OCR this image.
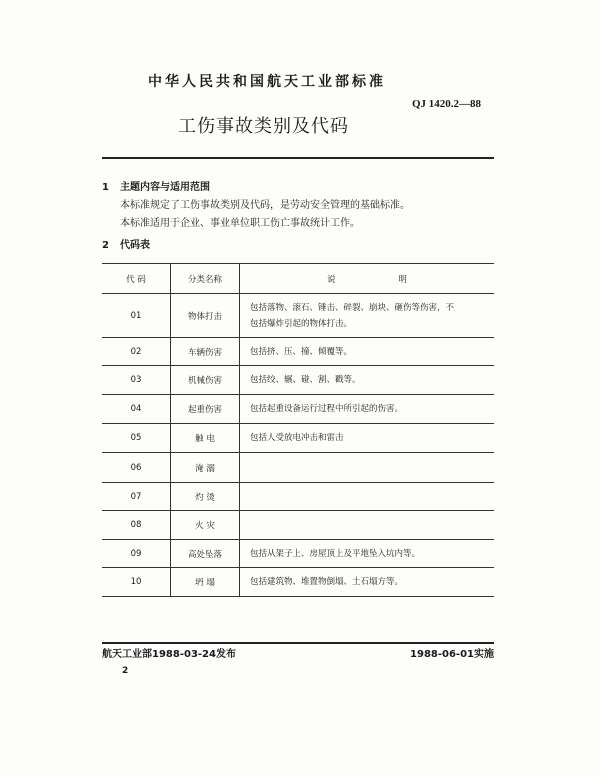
中华人民共和国航天工业部标准
QJ 1420.2—88
工伤事故类别及代码
1 主题内容与适用范围
本标准规定了工伤事故类别及代码，是劳动安全管理的基础标准。
本标准适用于企业、事业单位职工伤亡事故统计工作。
2 代码表
代 码	分类名称	说 明
01	物体打击	包括落物、滚石、锤击、碎裂、崩块、砸伤等伤害，不包括爆炸引起的物体打击。
02	车辆伤害	包括挤、压、撞、倾覆等。
03	机械伤害	包括绞、辗、碰、割、戳等。
04	起重伤害	包括起重设备运行过程中所引起的伤害。
05	触 电	包括人受放电冲击和雷击
06	淹 溺	
07	灼 烫	
08	火 灾	
09	高处坠落	包括从架子上、房屋顶上及平地坠入坑内等。
10	坍 塌	包括建筑物、堆置物倒塌、土石塌方等。
航天工业部1988-03-24发布	1988-06-01实施
2
